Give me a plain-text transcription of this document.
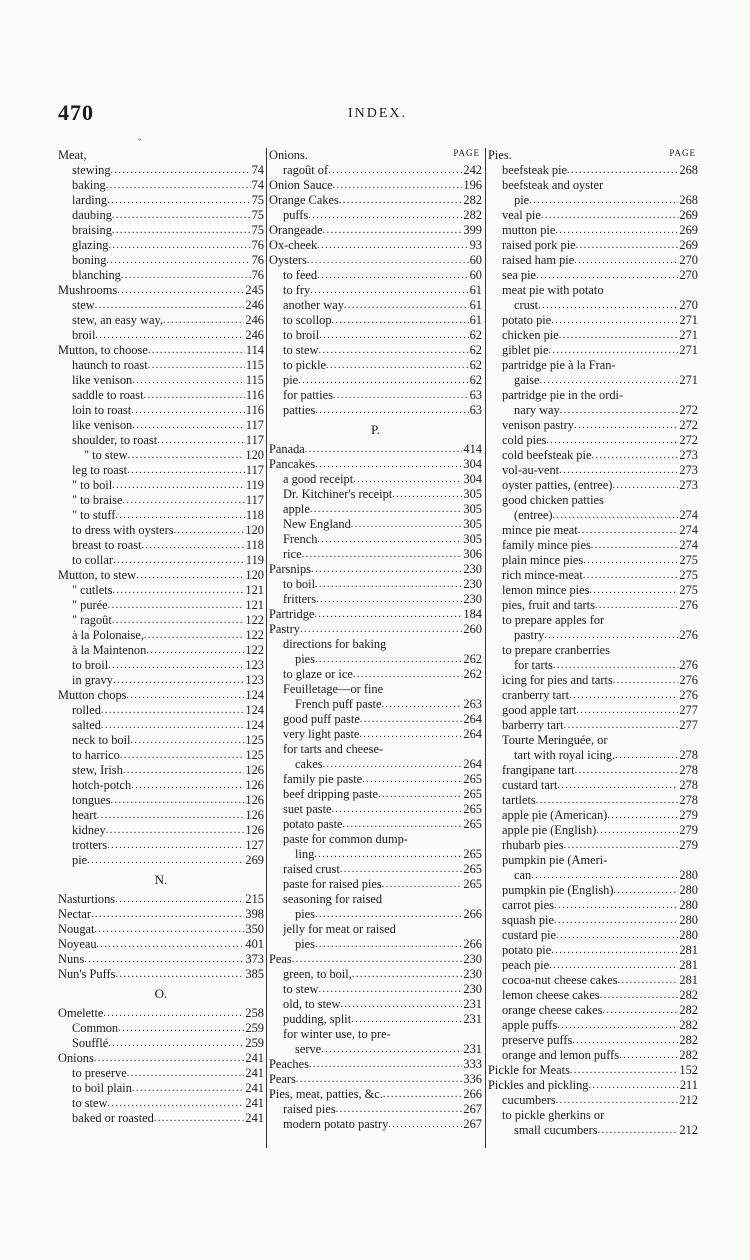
470	INDEX.
◦
Meat,
stewing .....	74
baking .....	74
larding .....	75
daubing .....	75
braising .....	75
glazing .....	76
boning .....	76
blanching .....	76
Mushrooms .....	245
stew .....	246
stew, an easy way, .....	246
broil .....	246
Mutton, to choose .....	114
haunch to roast .....	115
like venison .....	115
saddle to roast .....	116
loin to roast .....	116
like venison .....	117
shoulder, to roast .....	117
" to stew .....	120
leg to roast .....	117
" to boil .....	119
" to braise .....	117
" to stuff .....	118
to dress with oysters .....	120
breast to roast .....	118
to collar .....	119
Mutton, to stew .....	120
" cutlets .....	121
" purée .....	121
" ragoût .....	122
à la Polonaise, .....	122
à la Maintenon .....	122
to broil .....	123
in gravy .....	123
Mutton chops .....	124
rolled .....	124
salted .....	124
neck to boil .....	125
to harrico .....	125
stew, Irish .....	126
hotch-potch .....	126
tongues .....	126
heart .....	126
kidney .....	126
trotters .....	127
pie .....	269
N.
Nasturtions .....	215
Nectar .....	398
Nougat .....	350
Noyeau .....	401
Nuns .....	373
Nun's Puffs .....	385
O.
Omelette .....	258
Common .....	259
Soufflé .....	259
Onions .....	241
to preserve .....	241
to boil plain .....	241
to stew .....	241
baked or roasted .....	241
PAGE
Onions.
ragoût of .....	242
Onion Sauce .....	196
Orange Cakes .....	282
puffs .....	282
Orangeade .....	399
Ox-cheek .....	93
Oysters .....	60
to feed .....	60
to fry .....	61
another way .....	61
to scollop .....	61
to broil .....	62
to stew .....	62
to pickle .....	62
pie .....	62
for patties .....	63
patties .....	63
P.
Panada .....	414
Pancakes .....	304
a good receipt .....	304
Dr. Kitchiner's receipt .....	305
apple .....	305
New England .....	305
French .....	305
rice .....	306
Parsnips .....	230
to boil .....	230
fritters .....	230
Partridge .....	184
Pastry .....	260
directions for baking
pies .....	262
to glaze or ice .....	262
Feuilletage—or fine
French puff paste .....	263
good puff paste .....	264
very light paste .....	264
for tarts and cheese-
cakes .....	264
family pie paste .....	265
beef dripping paste .....	265
suet paste .....	265
potato paste .....	265
paste for common dump-
ling .....	265
raised crust .....	265
paste for raised pies .....	265
seasoning for raised
pies .....	266
jelly for meat or raised
pies .....	266
Peas .....	230
green, to boil, .....	230
to stew .....	230
old, to stew .....	231
pudding, split .....	231
for winter use, to pre-
serve .....	231
Peaches .....	333
Pears .....	336
Pies, meat, patties, &c. .....	266
raised pies .....	267
modern potato pastry .....	267
PAGE
Pies.
beefsteak pie .....	268
beefsteak and oyster
pie .....	268
veal pie .....	269
mutton pie .....	269
raised pork pie .....	269
raised ham pie .....	270
sea pie .....	270
meat pie with potato
crust .....	270
potato pie .....	271
chicken pie .....	271
giblet pie .....	271
partridge pie à la Fran-
gaise .....	271
partridge pie in the ordi-
nary way .....	272
venison pastry .....	272
cold pies .....	272
cold beefsteak pie .....	273
vol-au-vent .....	273
oyster patties, (entree) .....	273
good chicken patties
(entree) .....	274
mince pie meat .....	274
family mince pies .....	274
plain mince pies .....	275
rich mince-meat .....	275
lemon mince pies .....	275
pies, fruit and tarts .....	276
to prepare apples for
pastry .....	276
to prepare cranberries
for tarts .....	276
icing for pies and tarts .....	276
cranberry tart .....	276
good apple tart .....	277
barberry tart .....	277
Tourte Meringuée, or
tart with royal icing. .....	278
frangipane tart .....	278
custard tart .....	278
tartlets .....	278
apple pie (American) .....	279
apple pie (English) .....	279
rhubarb pies .....	279
pumpkin pie (Ameri-
can .....	280
pumpkin pie (English) .....	280
carrot pies .....	280
squash pie .....	280
custard pie .....	280
potato pie .....	281
peach pie .....	281
cocoa-nut cheese cakes .....	281
lemon cheese cakes .....	282
orange cheese cakes .....	282
apple puffs .....	282
preserve puffs .....	282
orange and lemon puffs .....	282
Pickle for Meats .....	152
Pickles and pickling .....	211
cucumbers .....	212
to pickle gherkins or
small cucumbers .....	212
